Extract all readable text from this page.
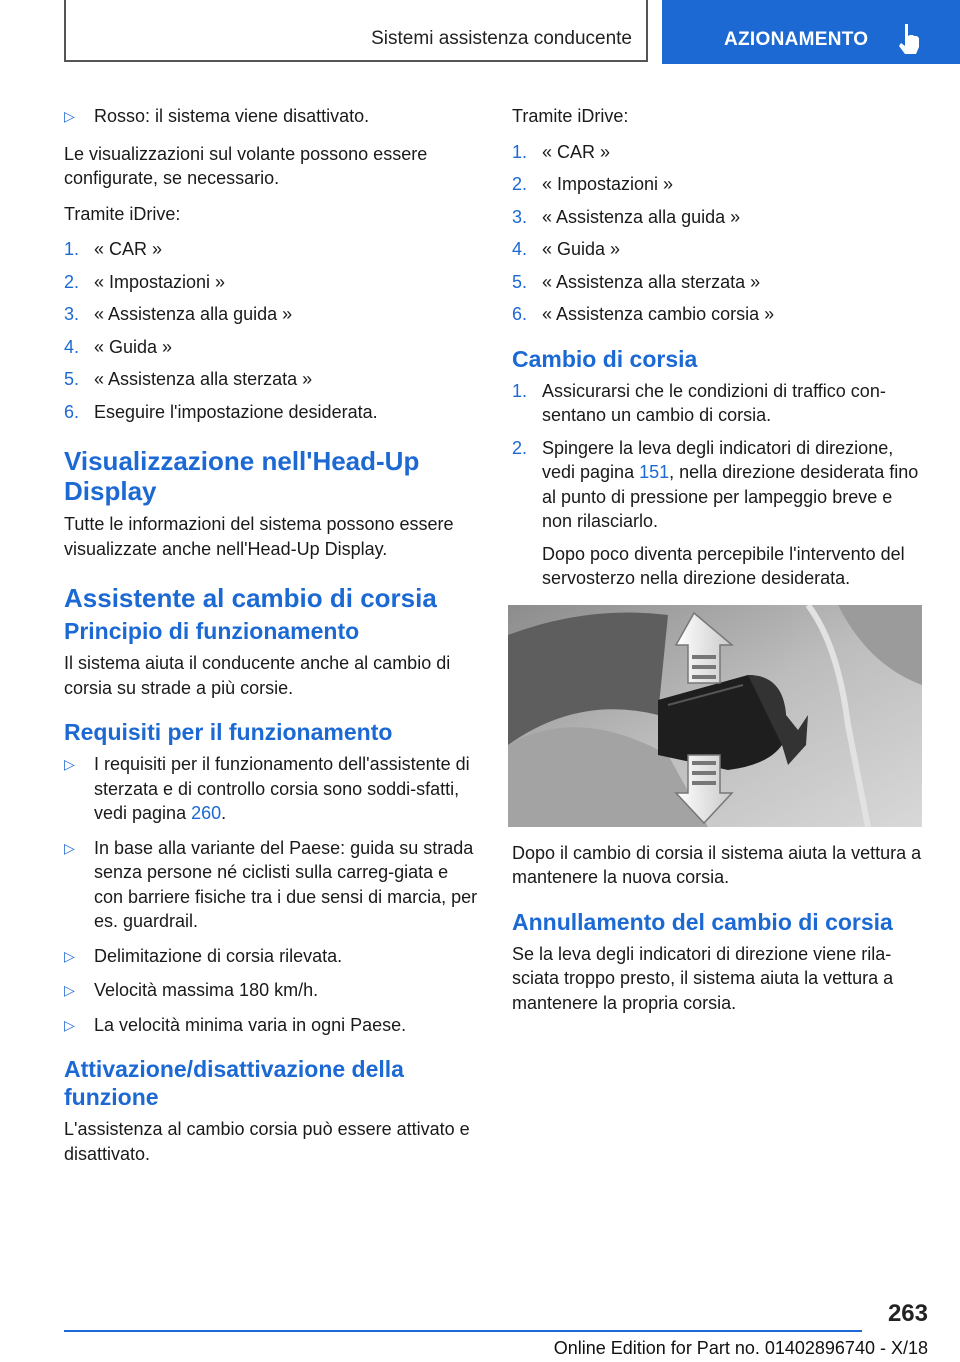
Sistemi assistenza conducente	AZIONAMENTO
▷ Rosso: il sistema viene disattivato.

Le visualizzazioni sul volante possono essere configurate, se necessario.

Tramite iDrive:

1. « CAR »
2. « Impostazioni »
3. « Assistenza alla guida »
4. « Guida »
5. « Assistenza alla sterzata »
6. Eseguire l'impostazione desiderata.
Visualizzazione nell'Head-Up Display

Tutte le informazioni del sistema possono essere visualizzate anche nell'Head-Up Display.

Assistente al cambio di corsia
Principio di funzionamento

Il sistema aiuta il conducente anche al cambio di corsia su strade a più corsie.

Requisiti per il funzionamento
▷ I requisiti per il funzionamento dell'assistente di sterzata e di controllo corsia sono soddi-sfatti, vedi pagina 260.
▷ In base alla variante del Paese: guida su strada senza persone né ciclisti sulla carreg-giata e con barriere fisiche tra i due sensi di marcia, per es. guardrail.
▷ Delimitazione di corsia rilevata.
▷ Velocità massima 180 km/h.
▷ La velocità minima varia in ogni Paese.
Attivazione/disattivazione della funzione

L'assistenza al cambio corsia può essere attivato e disattivato.

Tramite iDrive:

1. « CAR »
2. « Impostazioni »
3. « Assistenza alla guida »
4. « Guida »
5. « Assistenza alla sterzata »
6. « Assistenza cambio corsia »
Cambio di corsia
1. Assicurarsi che le condizioni di traffico con-sentano un cambio di corsia.
2. Spingere la leva degli indicatori di direzione, vedi pagina 151, nella direzione desiderata fino al punto di pressione per lampeggio breve e non rilasciarlo.

Dopo poco diventa percepibile l'intervento del servosterzo nella direzione desiderata.

Dopo il cambio di corsia il sistema aiuta la vettura a mantenere la nuova corsia.

Annullamento del cambio di corsia

Se la leva degli indicatori di direzione viene rila-sciata troppo presto, il sistema aiuta la vettura a mantenere la propria corsia.

263
Online Edition for Part no. 01402896740 - X/18
